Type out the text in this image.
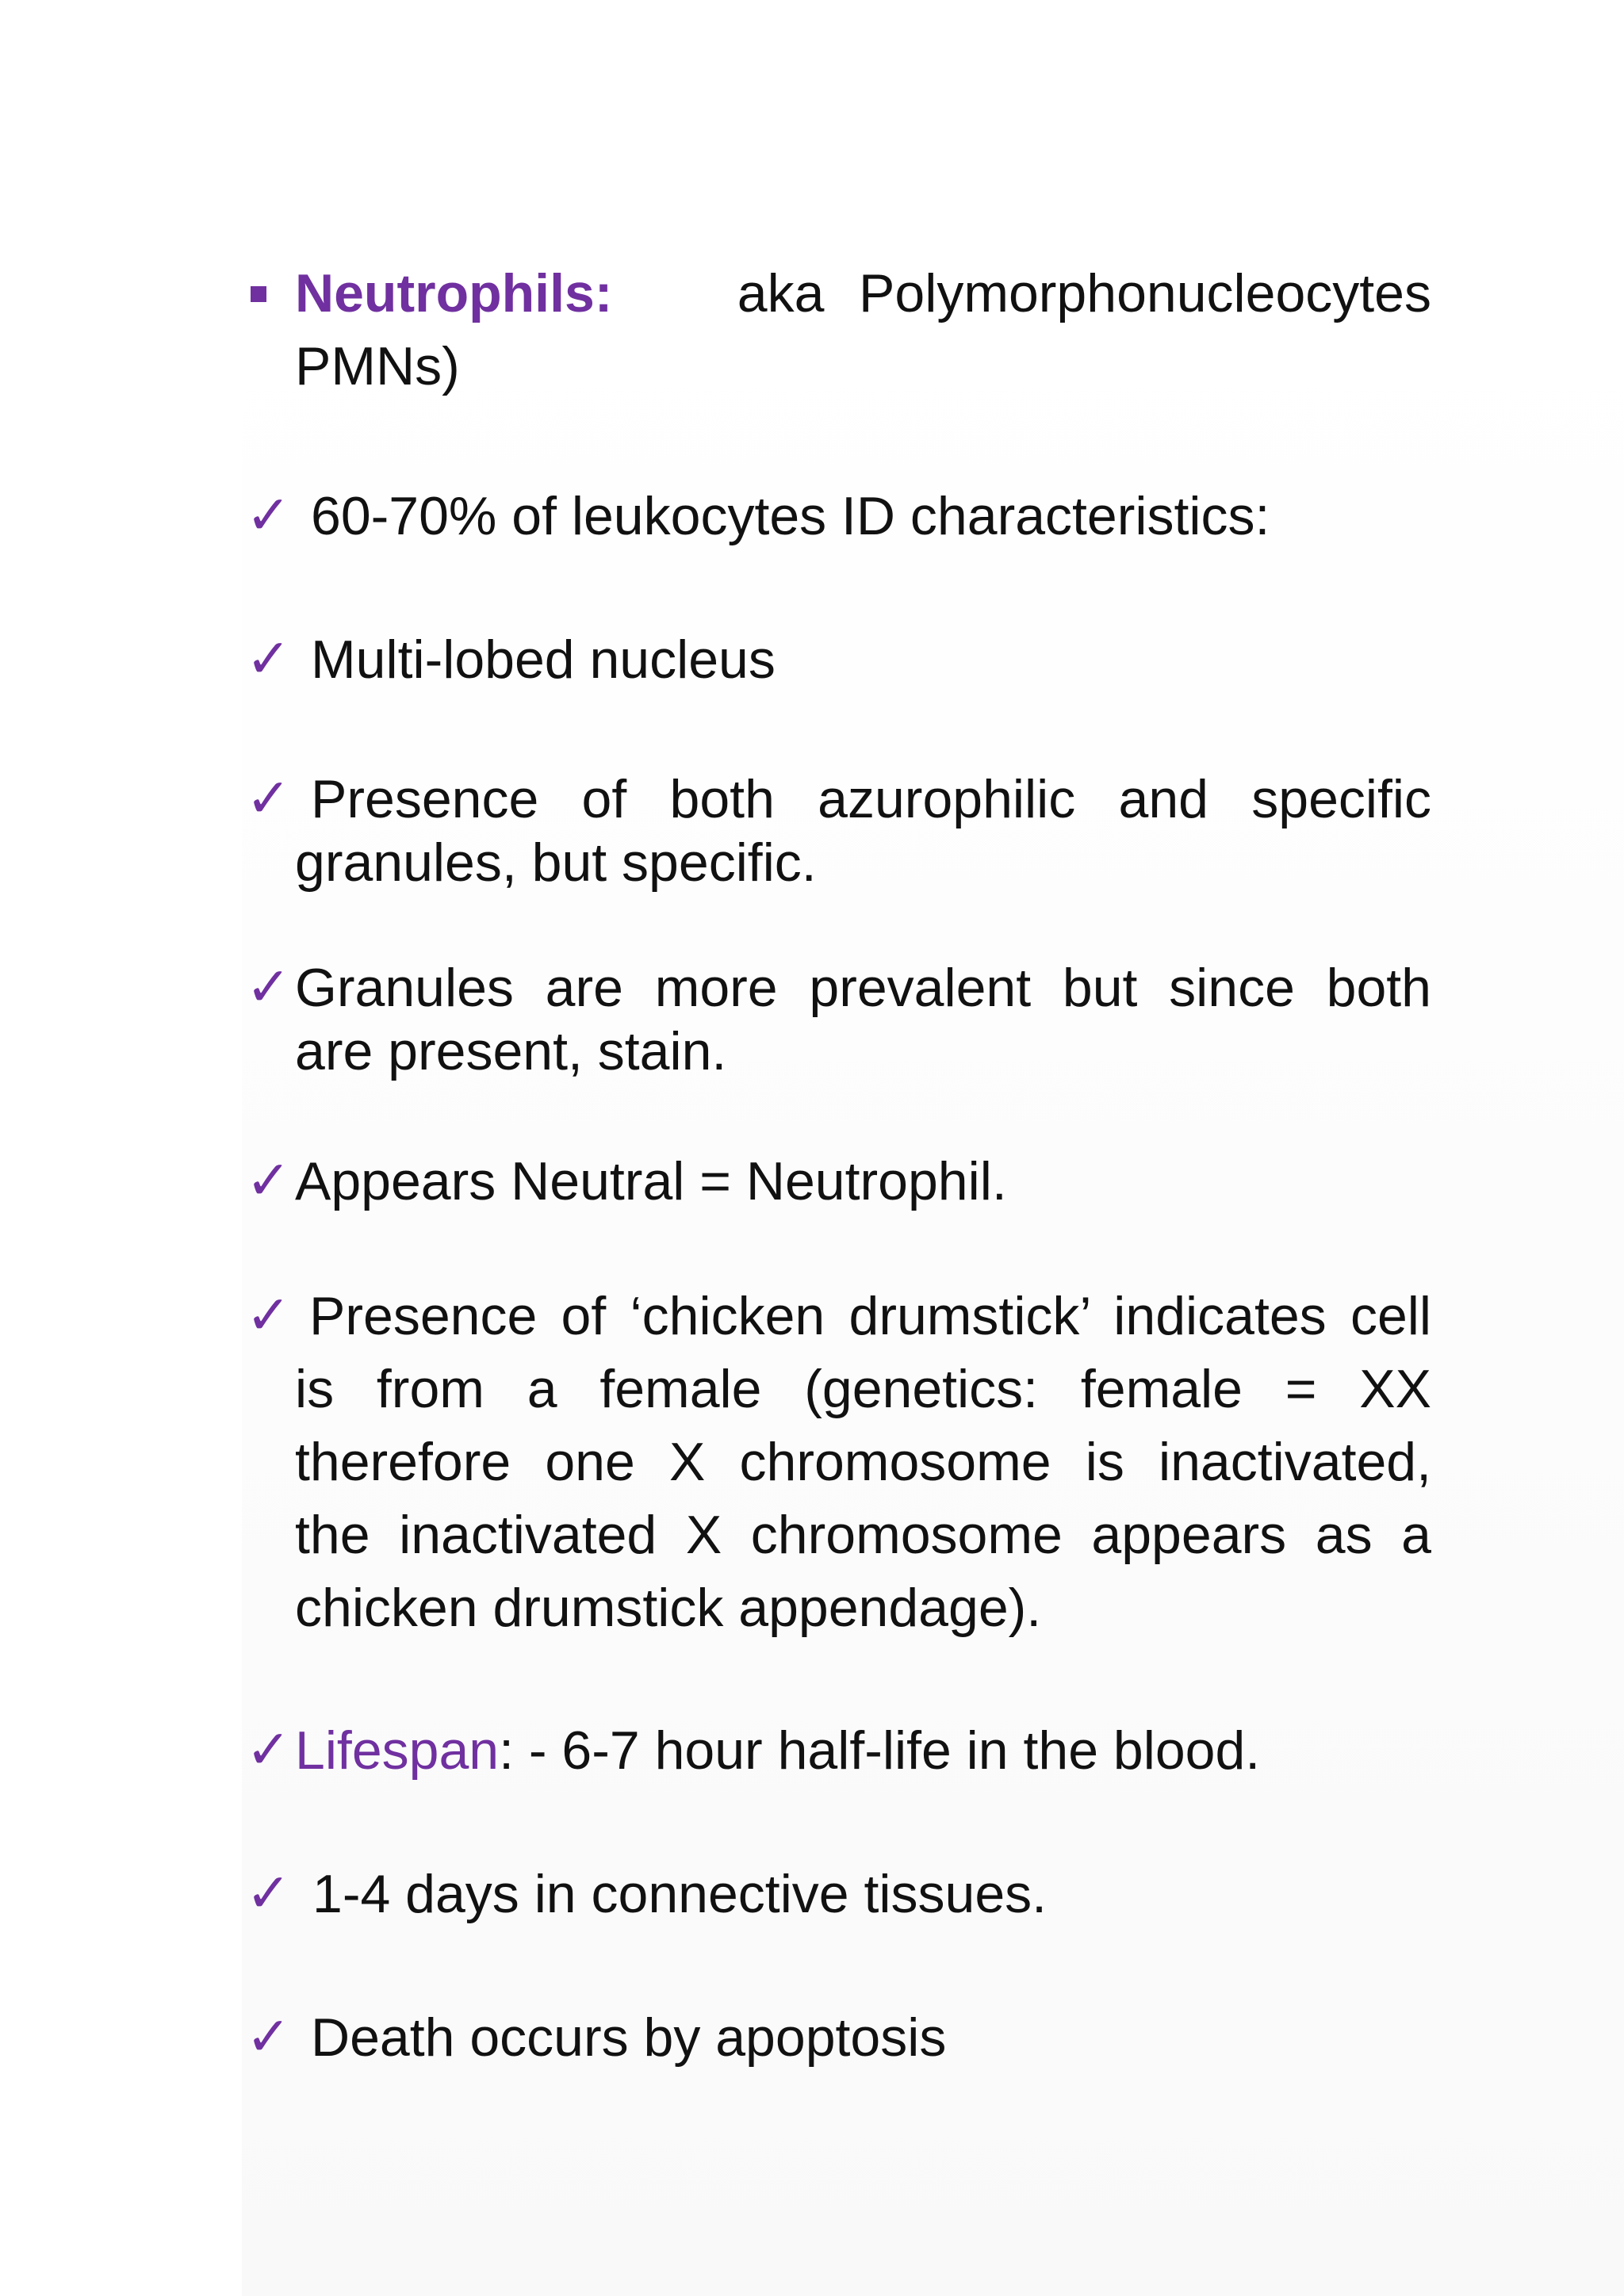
Neutrophils: aka Polymorphonucleocytes
PMNs)
✓ 60-70% of leukocytes ID characteristics:
✓ Multi-lobed nucleus
✓ Presence of both azurophilic and specific
granules, but specific.
✓ Granules are more prevalent but since both
are present, stain.
✓ Appears Neutral = Neutrophil.
✓ Presence of ‘chicken drumstick’ indicates cell
is from a female (genetics: female = XX
therefore one X chromosome is inactivated,
the inactivated X chromosome appears as a
chicken drumstick appendage).
✓ Lifespan: - 6-7 hour half-life in the blood.
✓ 1-4 days in connective tissues.
✓ Death occurs by apoptosis
